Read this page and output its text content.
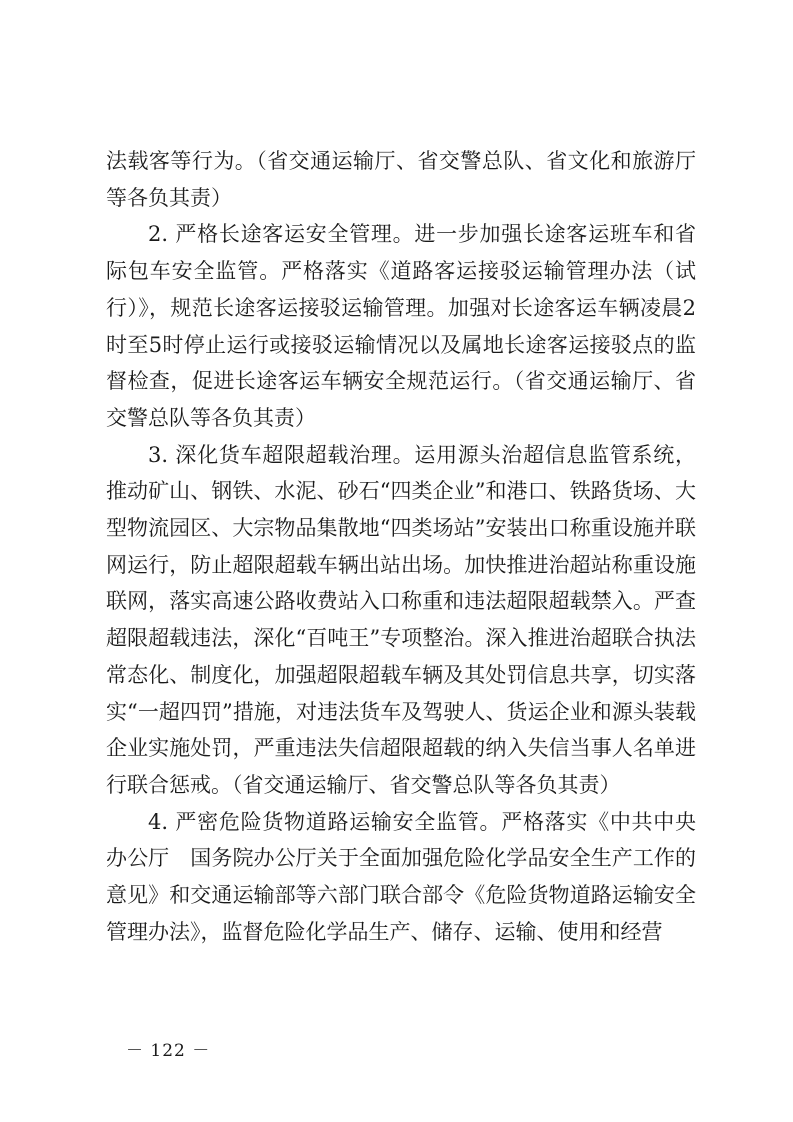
法载客等行为。（省交通运输厅、省交警总队、省文化和旅游厅等各负其责）

2. 严格长途客运安全管理。进一步加强长途客运班车和省际包车安全监管。严格落实《道路客运接驳运输管理办法（试行）》，规范长途客运接驳运输管理。加强对长途客运车辆凌晨2时至5时停止运行或接驳运输情况以及属地长途客运接驳点的监督检查，促进长途客运车辆安全规范运行。（省交通运输厅、省交警总队等各负其责）

3. 深化货车超限超载治理。运用源头治超信息监管系统，推动矿山、钢铁、水泥、砂石“四类企业”和港口、铁路货场、大型物流园区、大宗物品集散地“四类场站”安装出口称重设施并联网运行，防止超限超载车辆出站出场。加快推进治超站称重设施联网，落实高速公路收费站入口称重和违法超限超载禁入。严查超限超载违法，深化“百吨王”专项整治。深入推进治超联合执法常态化、制度化，加强超限超载车辆及其处罚信息共享，切实落实“一超四罚”措施，对违法货车及驾驶人、货运企业和源头装载企业实施处罚，严重违法失信超限超载的纳入失信当事人名单进行联合惩戒。（省交通运输厅、省交警总队等各负其责）

4. 严密危险货物道路运输安全监管。严格落实《中共中央办公厅　国务院办公厅关于全面加强危险化学品安全生产工作的意见》和交通运输部等六部门联合部令《危险货物道路运输安全管理办法》，监督危险化学品生产、储存、运输、使用和经营

－ 122 －
